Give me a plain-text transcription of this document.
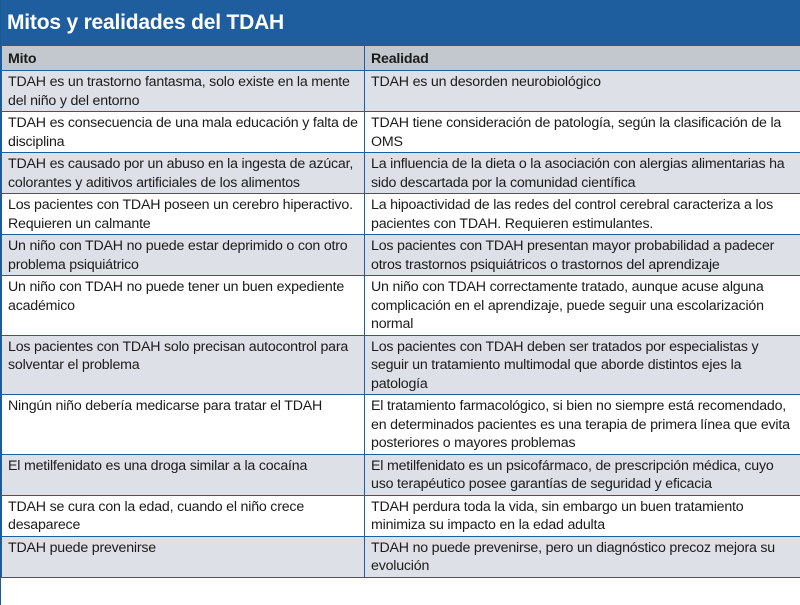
Mitos y realidades del TDAH
Mito	Realidad
TDAH es un trastorno fantasma, solo existe en la mente del niño y del entorno	TDAH es un desorden neurobiológico
TDAH es consecuencia de una mala educación y falta de disciplina	TDAH tiene consideración de patología, según la clasificación de la OMS
TDAH es causado por un abuso en la ingesta de azúcar, colorantes y aditivos artificiales de los alimentos	La influencia de la dieta o la asociación con alergias alimentarias ha sido descartada por la comunidad científica
Los pacientes con TDAH poseen un cerebro hiperactivo. Requieren un calmante	La hipoactividad de las redes del control cerebral caracteriza a los pacientes con TDAH. Requieren estimulantes.
Un niño con TDAH no puede estar deprimido o con otro problema psiquiátrico	Los pacientes con TDAH presentan mayor probabilidad a padecer otros trastornos psiquiátricos o trastornos del aprendizaje
Un niño con TDAH no puede tener un buen expediente académico	Un niño con TDAH correctamente tratado, aunque acuse alguna complicación en el aprendizaje, puede seguir una escolarización normal
Los pacientes con TDAH solo precisan autocontrol para solventar el problema	Los pacientes con TDAH deben ser tratados por especialistas y seguir un tratamiento multimodal que aborde distintos ejes la patología
Ningún niño debería medicarse para tratar el TDAH	El tratamiento farmacológico, si bien no siempre está recomendado, en determinados pacientes es una terapia de primera línea que evita posteriores o mayores problemas
El metilfenidato es una droga similar a la cocaína	El metilfenidato es un psicofármaco, de prescripción médica, cuyo uso terapéutico posee garantías de seguridad y eficacia
TDAH se cura con la edad, cuando el niño crece desaparece	TDAH perdura toda la vida, sin embargo un buen tratamiento minimiza su impacto en la edad adulta
TDAH puede prevenirse	TDAH no puede prevenirse, pero un diagnóstico precoz mejora su evolución
